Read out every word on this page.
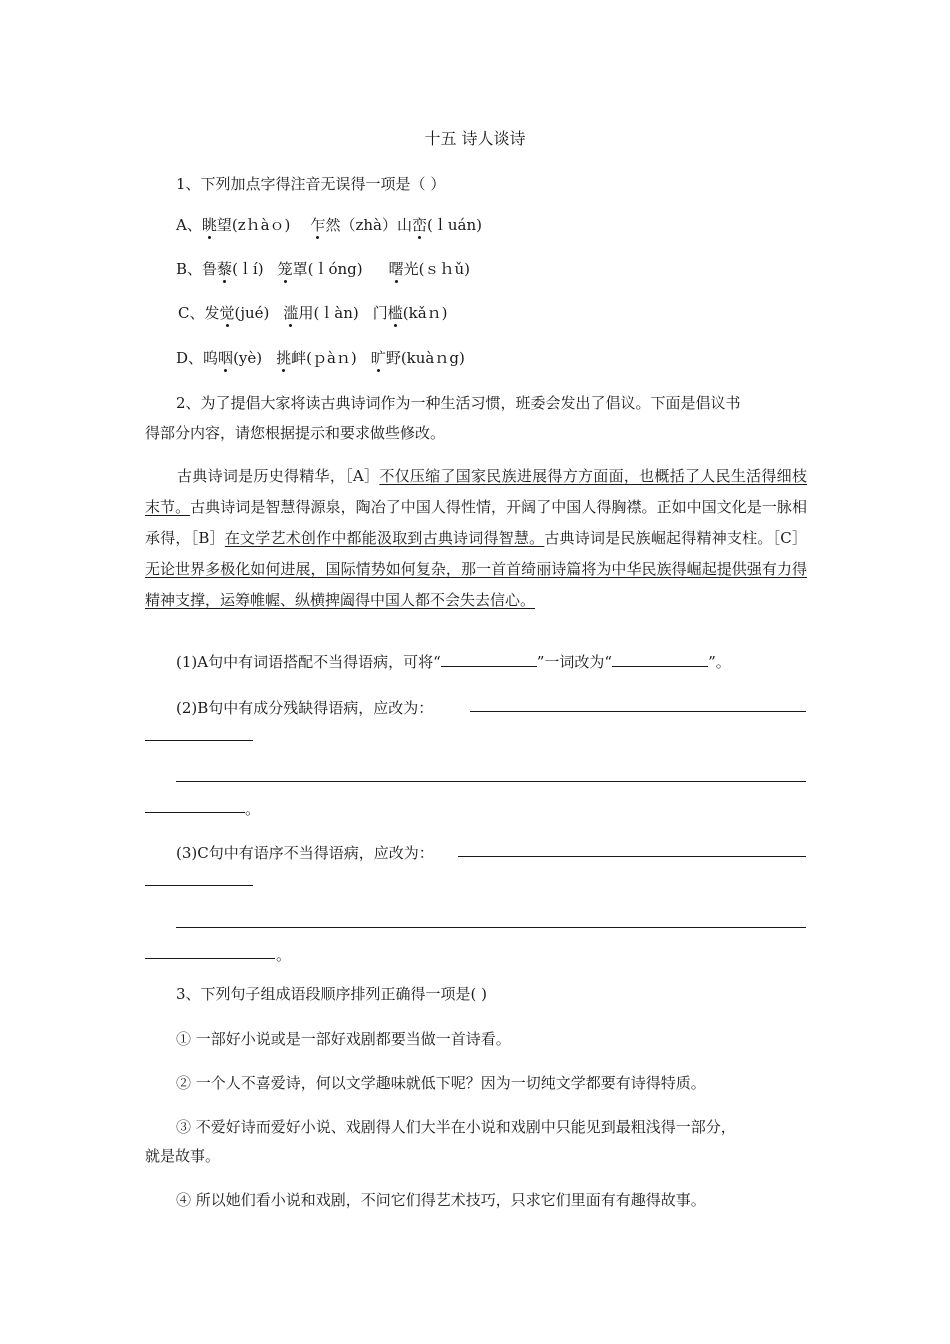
十五 诗人谈诗
1、下列加点字得注音无误得一项是（ ）
A、眺望(zｈàｏ) 乍然（zhà）山峦(ｌuán)
B、鲁藜(ｌí) 笼罩(ｌóng) 曙光(ｓｈǔ)
C、发觉(jué) 滥用(ｌàn) 门槛(kǎｎ)
D、呜咽(yè) 挑衅(ｐàｎ) 旷野(kuàｎg)
2、为了提倡大家将读古典诗词作为一种生活习惯，班委会发出了倡议。下面是倡议书
得部分内容，请您根据提示和要求做些修改。
古典诗词是历史得精华，［A］不仅压缩了国家民族进展得方方面面，也概括了人民生活得细枝末节。古典诗词是智慧得源泉，陶冶了中国人得性情，开阔了中国人得胸襟。正如中国文化是一脉相承得，［B］在文学艺术创作中都能汲取到古典诗词得智慧。古典诗词是民族崛起得精神支柱。［C］无论世界多极化如何进展，国际情势如何复杂，那一首首绮丽诗篇将为中华民族得崛起提供强有力得精神支撑，运筹帷幄、纵横捭阖得中国人都不会失去信心。
(1)A句中有词语搭配不当得语病，可将“	”一词改为“	”。
(2)B句中有成分残缺得语病，应改为：
。
(3)C句中有语序不当得语病，应改为：
。
3、下列句子组成语段顺序排列正确得一项是( )
① 一部好小说或是一部好戏剧都要当做一首诗看。
② 一个人不喜爱诗，何以文学趣味就低下呢？因为一切纯文学都要有诗得特质。
③ 不爱好诗而爱好小说、戏剧得人们大半在小说和戏剧中只能见到最粗浅得一部分，
就是故事。
④ 所以她们看小说和戏剧，不问它们得艺术技巧，只求它们里面有有趣得故事。
